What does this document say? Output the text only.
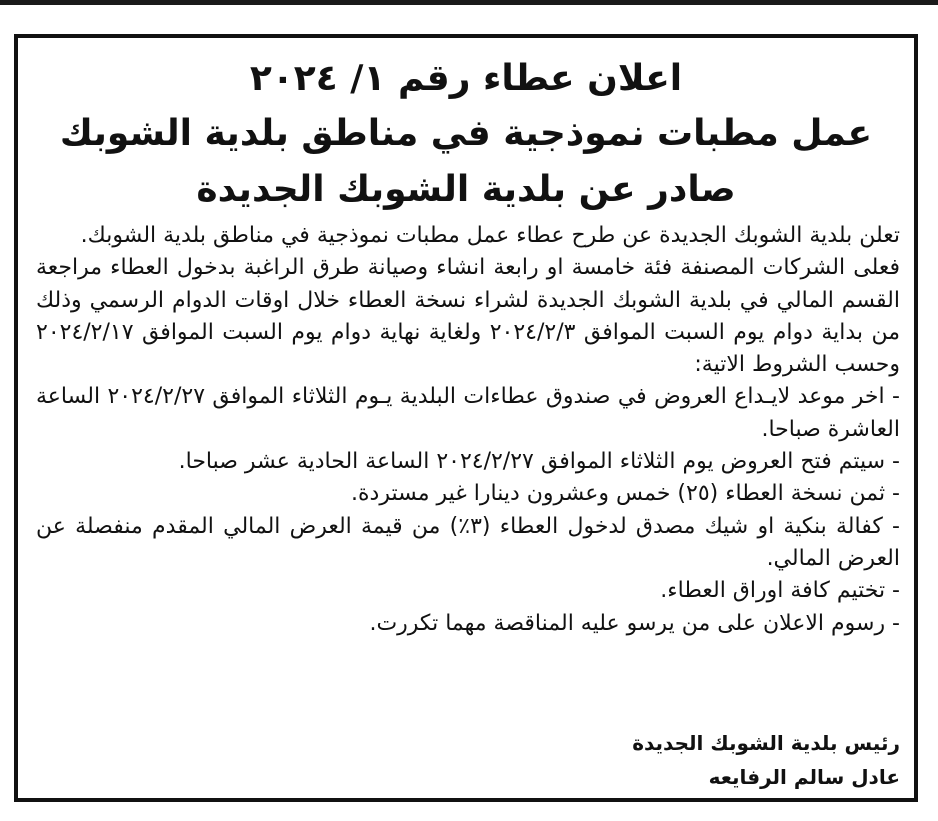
اعلان عطاء رقم ١/ ٢٠٢٤
عمل مطبات نموذجية في مناطق بلدية الشوبك
صادر عن بلدية الشوبك الجديدة

تعلن بلدية الشوبك الجديدة عن طرح عطاء عمل مطبات نموذجية في مناطق بلدية الشوبك.

فعلى الشركات المصنفة فئة خامسة او رابعة انشاء وصيانة طرق الراغبة بدخول العطاء مراجعة القسم المالي في بلدية الشوبك الجديدة لشراء نسخة العطاء خلال اوقات الدوام الرسمي وذلك من بداية دوام يوم السبت الموافق ٢٠٢٤/٢/٣ ولغاية نهاية دوام يوم السبت الموافق ٢٠٢٤/٢/١٧ وحسب الشروط الاتية:

- اخر موعد لايـداع العروض في صندوق عطاءات البلدية يـوم الثلاثاء الموافق ٢٠٢٤/٢/٢٧ الساعة العاشرة صباحا.

- سيتم فتح العروض يوم الثلاثاء الموافق ٢٠٢٤/٢/٢٧ الساعة الحادية عشر صباحا.

- ثمن نسخة العطاء (٢٥) خمس وعشرون دينارا غير مستردة.

- كفالة بنكية او شيك مصدق لدخول العطاء (٣٪) من قيمة العرض المالي المقدم منفصلة عن العرض المالي.

- تختيم كافة اوراق العطاء.

- رسوم الاعلان على من يرسو عليه المناقصة مهما تكررت.

رئيس بلدية الشوبك الجديدة
عادل سالم الرفايعه
